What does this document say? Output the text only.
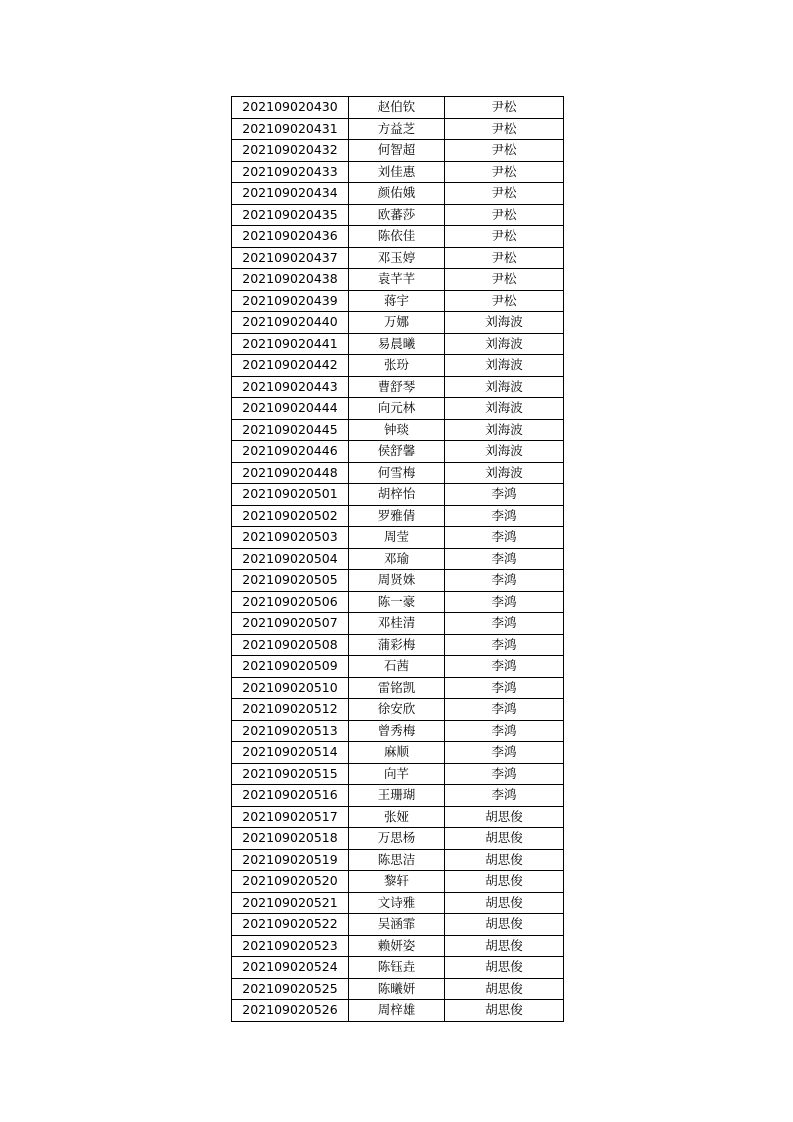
202109020430	赵伯钦	尹松
202109020431	方益芝	尹松
202109020432	何智超	尹松
202109020433	刘佳惠	尹松
202109020434	颜佑娥	尹松
202109020435	欧蕃莎	尹松
202109020436	陈依佳	尹松
202109020437	邓玉婷	尹松
202109020438	袁芊芊	尹松
202109020439	蒋宇	尹松
202109020440	万娜	刘海波
202109020441	易晨曦	刘海波
202109020442	张玢	刘海波
202109020443	曹舒琴	刘海波
202109020444	向元林	刘海波
202109020445	钟琰	刘海波
202109020446	侯舒馨	刘海波
202109020448	何雪梅	刘海波
202109020501	胡梓怡	李鸿
202109020502	罗雅倩	李鸿
202109020503	周莹	李鸿
202109020504	邓瑜	李鸿
202109020505	周贤姝	李鸿
202109020506	陈一豪	李鸿
202109020507	邓桂清	李鸿
202109020508	蒲彩梅	李鸿
202109020509	石茜	李鸿
202109020510	雷铭凯	李鸿
202109020512	徐安欣	李鸿
202109020513	曾秀梅	李鸿
202109020514	麻顺	李鸿
202109020515	向芊	李鸿
202109020516	王珊瑚	李鸿
202109020517	张娅	胡思俊
202109020518	万思杨	胡思俊
202109020519	陈思洁	胡思俊
202109020520	黎轩	胡思俊
202109020521	文诗雅	胡思俊
202109020522	吴涵霏	胡思俊
202109020523	赖妍姿	胡思俊
202109020524	陈钰垚	胡思俊
202109020525	陈曦妍	胡思俊
202109020526	周梓雄	胡思俊
